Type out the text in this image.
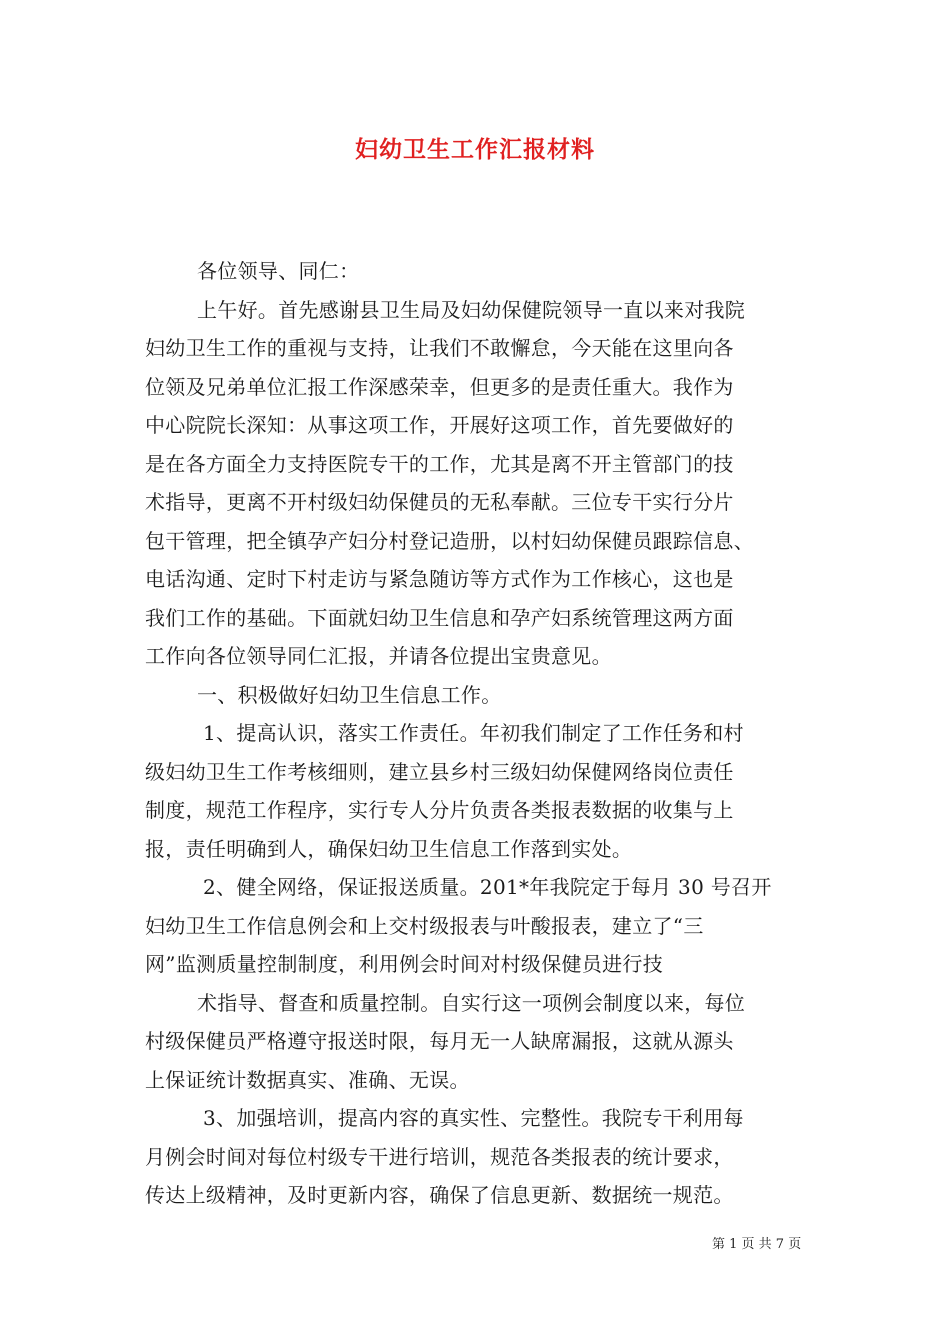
妇幼卫生工作汇报材料
各位领导、同仁：
上午好。首先感谢县卫生局及妇幼保健院领导一直以来对我院
妇幼卫生工作的重视与支持，让我们不敢懈怠，今天能在这里向各
位领及兄弟单位汇报工作深感荣幸，但更多的是责任重大。我作为
中心院院长深知：从事这项工作，开展好这项工作，首先要做好的
是在各方面全力支持医院专干的工作，尤其是离不开主管部门的技
术指导，更离不开村级妇幼保健员的无私奉献。三位专干实行分片
包干管理，把全镇孕产妇分村登记造册，以村妇幼保健员跟踪信息、
电话沟通、定时下村走访与紧急随访等方式作为工作核心，这也是
我们工作的基础。下面就妇幼卫生信息和孕产妇系统管理这两方面
工作向各位领导同仁汇报，并请各位提出宝贵意见。
一、积极做好妇幼卫生信息工作。
1、提高认识，落实工作责任。年初我们制定了工作任务和村
级妇幼卫生工作考核细则，建立县乡村三级妇幼保健网络岗位责任
制度，规范工作程序，实行专人分片负责各类报表数据的收集与上
报，责任明确到人，确保妇幼卫生信息工作落到实处。
2、健全网络，保证报送质量。201*年我院定于每月 30 号召开
妇幼卫生工作信息例会和上交村级报表与叶酸报表，建立了“三
网”监测质量控制制度，利用例会时间对村级保健员进行技
术指导、督查和质量控制。自实行这一项例会制度以来，每位
村级保健员严格遵守报送时限，每月无一人缺席漏报，这就从源头
上保证统计数据真实、准确、无误。
3、加强培训，提高内容的真实性、完整性。我院专干利用每
月例会时间对每位村级专干进行培训，规范各类报表的统计要求，
传达上级精神，及时更新内容，确保了信息更新、数据统一规范。
第 1 页 共 7 页
